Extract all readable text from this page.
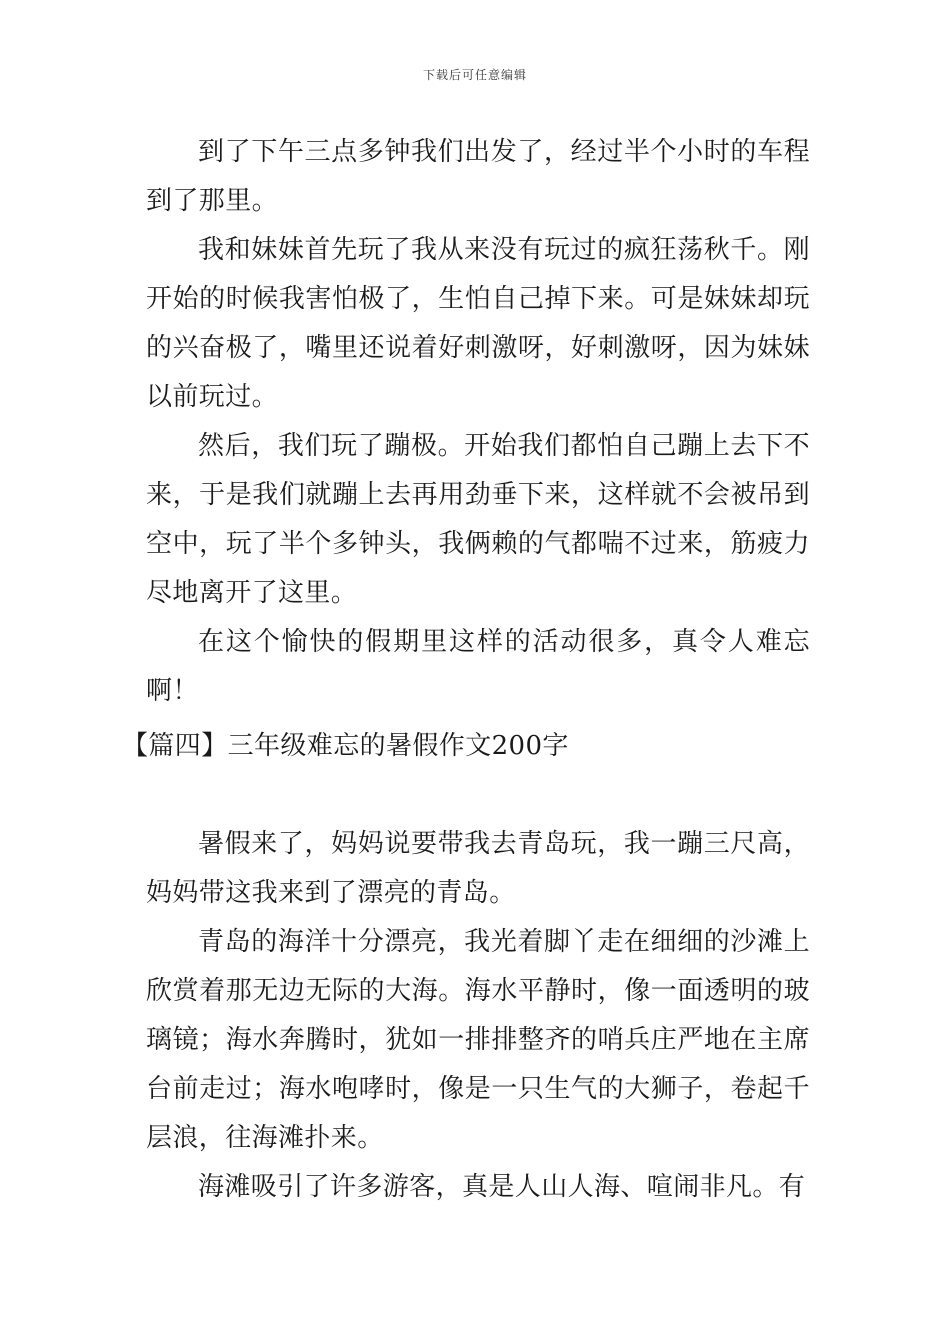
下载后可任意编辑

到了下午三点多钟我们出发了，经过半个小时的车程到了那里。

我和妹妹首先玩了我从来没有玩过的疯狂荡秋千。刚开始的时候我害怕极了，生怕自己掉下来。可是妹妹却玩的兴奋极了，嘴里还说着好刺激呀，好刺激呀，因为妹妹以前玩过。

然后，我们玩了蹦极。开始我们都怕自己蹦上去下不来，于是我们就蹦上去再用劲垂下来，这样就不会被吊到空中，玩了半个多钟头，我俩赖的气都喘不过来，筋疲力尽地离开了这里。

在这个愉快的假期里这样的活动很多，真令人难忘啊！

【篇四】三年级难忘的暑假作文200字

暑假来了，妈妈说要带我去青岛玩，我一蹦三尺高，妈妈带这我来到了漂亮的青岛。

青岛的海洋十分漂亮，我光着脚丫走在细细的沙滩上欣赏着那无边无际的大海。海水平静时，像一面透明的玻璃镜；海水奔腾时，犹如一排排整齐的哨兵庄严地在主席台前走过；海水咆哮时，像是一只生气的大狮子，卷起千层浪，往海滩扑来。

海滩吸引了许多游客，真是人山人海、喧闹非凡。有
